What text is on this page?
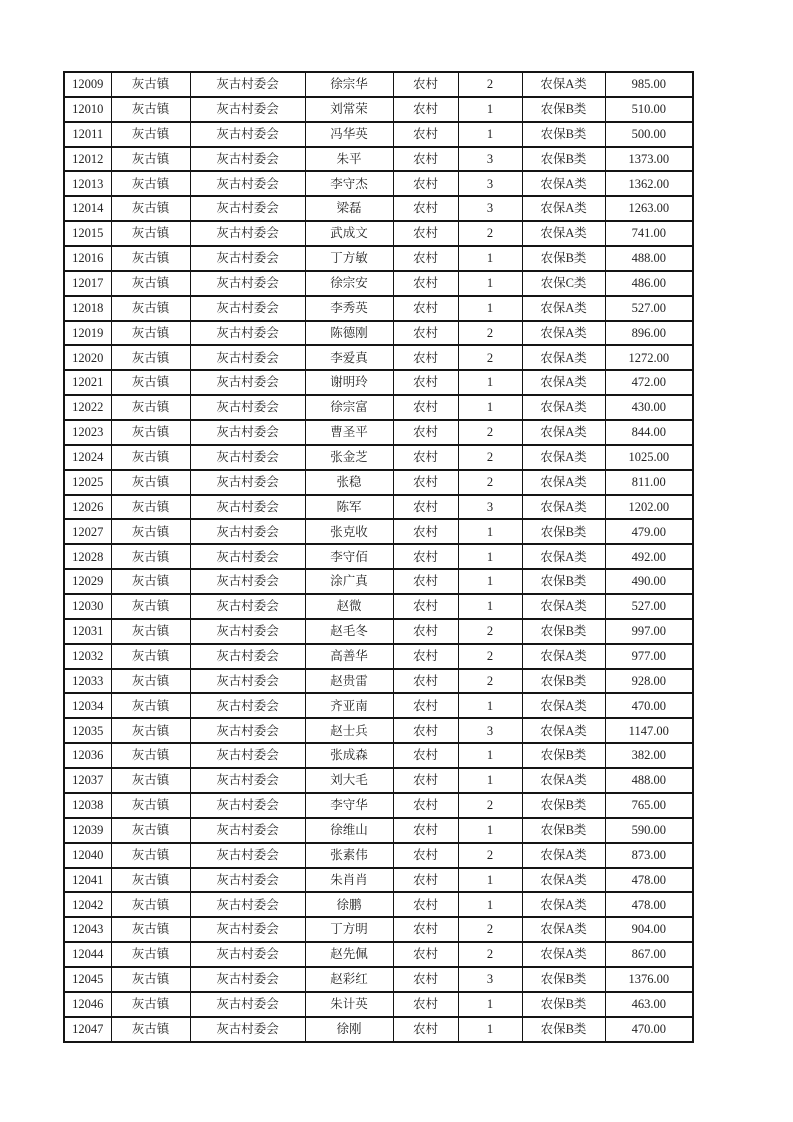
12009	灰古镇	灰古村委会	徐宗华	农村	2	农保A类	985.00
12010	灰古镇	灰古村委会	刘常荣	农村	1	农保B类	510.00
12011	灰古镇	灰古村委会	冯华英	农村	1	农保B类	500.00
12012	灰古镇	灰古村委会	朱平	农村	3	农保B类	1373.00
12013	灰古镇	灰古村委会	李守杰	农村	3	农保A类	1362.00
12014	灰古镇	灰古村委会	梁磊	农村	3	农保A类	1263.00
12015	灰古镇	灰古村委会	武成文	农村	2	农保A类	741.00
12016	灰古镇	灰古村委会	丁方敏	农村	1	农保B类	488.00
12017	灰古镇	灰古村委会	徐宗安	农村	1	农保C类	486.00
12018	灰古镇	灰古村委会	李秀英	农村	1	农保A类	527.00
12019	灰古镇	灰古村委会	陈德刚	农村	2	农保A类	896.00
12020	灰古镇	灰古村委会	李爱真	农村	2	农保A类	1272.00
12021	灰古镇	灰古村委会	谢明玲	农村	1	农保A类	472.00
12022	灰古镇	灰古村委会	徐宗富	农村	1	农保A类	430.00
12023	灰古镇	灰古村委会	曹圣平	农村	2	农保A类	844.00
12024	灰古镇	灰古村委会	张金芝	农村	2	农保A类	1025.00
12025	灰古镇	灰古村委会	张稳	农村	2	农保A类	811.00
12026	灰古镇	灰古村委会	陈军	农村	3	农保A类	1202.00
12027	灰古镇	灰古村委会	张克收	农村	1	农保B类	479.00
12028	灰古镇	灰古村委会	李守佰	农村	1	农保A类	492.00
12029	灰古镇	灰古村委会	涂广真	农村	1	农保B类	490.00
12030	灰古镇	灰古村委会	赵微	农村	1	农保A类	527.00
12031	灰古镇	灰古村委会	赵毛冬	农村	2	农保B类	997.00
12032	灰古镇	灰古村委会	高善华	农村	2	农保A类	977.00
12033	灰古镇	灰古村委会	赵贵雷	农村	2	农保B类	928.00
12034	灰古镇	灰古村委会	齐亚南	农村	1	农保A类	470.00
12035	灰古镇	灰古村委会	赵士兵	农村	3	农保A类	1147.00
12036	灰古镇	灰古村委会	张成森	农村	1	农保B类	382.00
12037	灰古镇	灰古村委会	刘大毛	农村	1	农保A类	488.00
12038	灰古镇	灰古村委会	李守华	农村	2	农保B类	765.00
12039	灰古镇	灰古村委会	徐维山	农村	1	农保B类	590.00
12040	灰古镇	灰古村委会	张素伟	农村	2	农保A类	873.00
12041	灰古镇	灰古村委会	朱肖肖	农村	1	农保A类	478.00
12042	灰古镇	灰古村委会	徐鹏	农村	1	农保A类	478.00
12043	灰古镇	灰古村委会	丁方明	农村	2	农保A类	904.00
12044	灰古镇	灰古村委会	赵先佩	农村	2	农保A类	867.00
12045	灰古镇	灰古村委会	赵彩红	农村	3	农保B类	1376.00
12046	灰古镇	灰古村委会	朱计英	农村	1	农保B类	463.00
12047	灰古镇	灰古村委会	徐刚	农村	1	农保B类	470.00
